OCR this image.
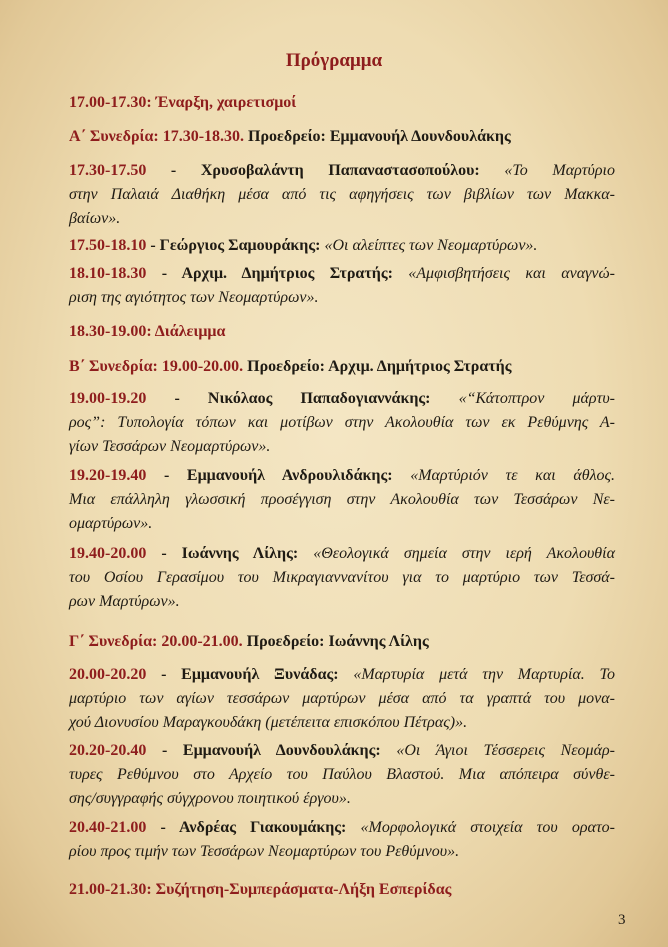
Πρόγραμμα
17.00-17.30: Έναρξη, χαιρετισμοί
Α΄ Συνεδρία: 17.30-18.30. Προεδρείο: Εμμανουήλ Δουνδουλάκης
17.30-17.50 - Χρυσοβαλάντη Παπαναστασοπούλου: «Το Μαρτύριο
στην Παλαιά Διαθήκη μέσα από τις αφηγήσεις των βιβλίων των Μακκα-
βαίων».
17.50-18.10 - Γεώργιος Σαμουράκης: «Οι αλείπτες των Νεομαρτύρων».
18.10-18.30 - Αρχιμ. Δημήτριος Στρατής: «Αμφισβητήσεις και αναγνώ-
ριση της αγιότητος των Νεομαρτύρων».
18.30-19.00: Διάλειμμα
Β΄ Συνεδρία: 19.00-20.00. Προεδρείο: Αρχιμ. Δημήτριος Στρατής
19.00-19.20 - Νικόλαος Παπαδογιαννάκης: «“Κάτοπτρον μάρτυ-
ρος”: Τυπολογία τόπων και μοτίβων στην Ακολουθία των εκ Ρεθύμνης Α-
γίων Τεσσάρων Νεομαρτύρων».
19.20-19.40 - Εμμανουήλ Ανδρουλιδάκης: «Μαρτύριόν τε και άθλος.
Μια επάλληλη γλωσσική προσέγγιση στην Ακολουθία των Τεσσάρων Νε-
ομαρτύρων».
19.40-20.00 - Ιωάννης Λίλης: «Θεολογικά σημεία στην ιερή Ακολουθία
του Οσίου Γερασίμου του Μικραγιαννανίτου για το μαρτύριο των Τεσσά-
ρων Μαρτύρων».
Γ΄ Συνεδρία: 20.00-21.00. Προεδρείο: Ιωάννης Λίλης
20.00-20.20 - Εμμανουήλ Ξυνάδας: «Μαρτυρία μετά την Μαρτυρία. Το
μαρτύριο των αγίων τεσσάρων μαρτύρων μέσα από τα γραπτά του μονα-
χού Διονυσίου Μαραγκουδάκη (μετέπειτα επισκόπου Πέτρας)».
20.20-20.40 - Εμμανουήλ Δουνδουλάκης: «Οι Άγιοι Τέσσερεις Νεομάρ-
τυρες Ρεθύμνου στο Αρχείο του Παύλου Βλαστού. Μια απόπειρα σύνθε-
σης/συγγραφής σύγχρονου ποιητικού έργου».
20.40-21.00 - Ανδρέας Γιακουμάκης: «Μορφολογικά στοιχεία του ορατο-
ρίου προς τιμήν των Τεσσάρων Νεομαρτύρων του Ρεθύμνου».
21.00-21.30: Συζήτηση-Συμπεράσματα-Λήξη Εσπερίδας
3
